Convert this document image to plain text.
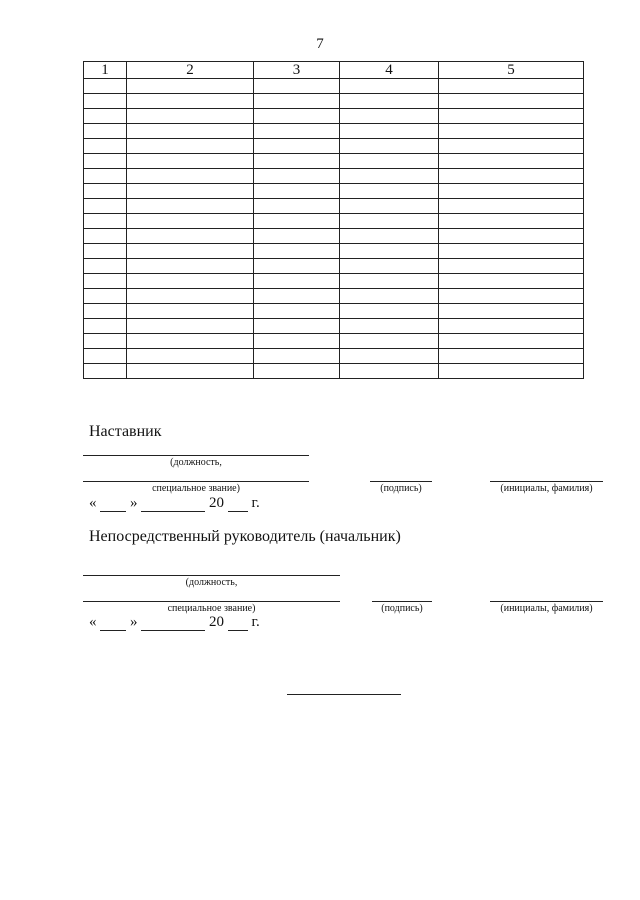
7
1	2	3	4	5

Наставник
(должность,
специальное звание)	(подпись)	(инициалы, фамилия)
« »	20 г.
Непосредственный руководитель (начальник)
(должность,
специальное звание)	(подпись)	(инициалы, фамилия)
« »	20 г.
